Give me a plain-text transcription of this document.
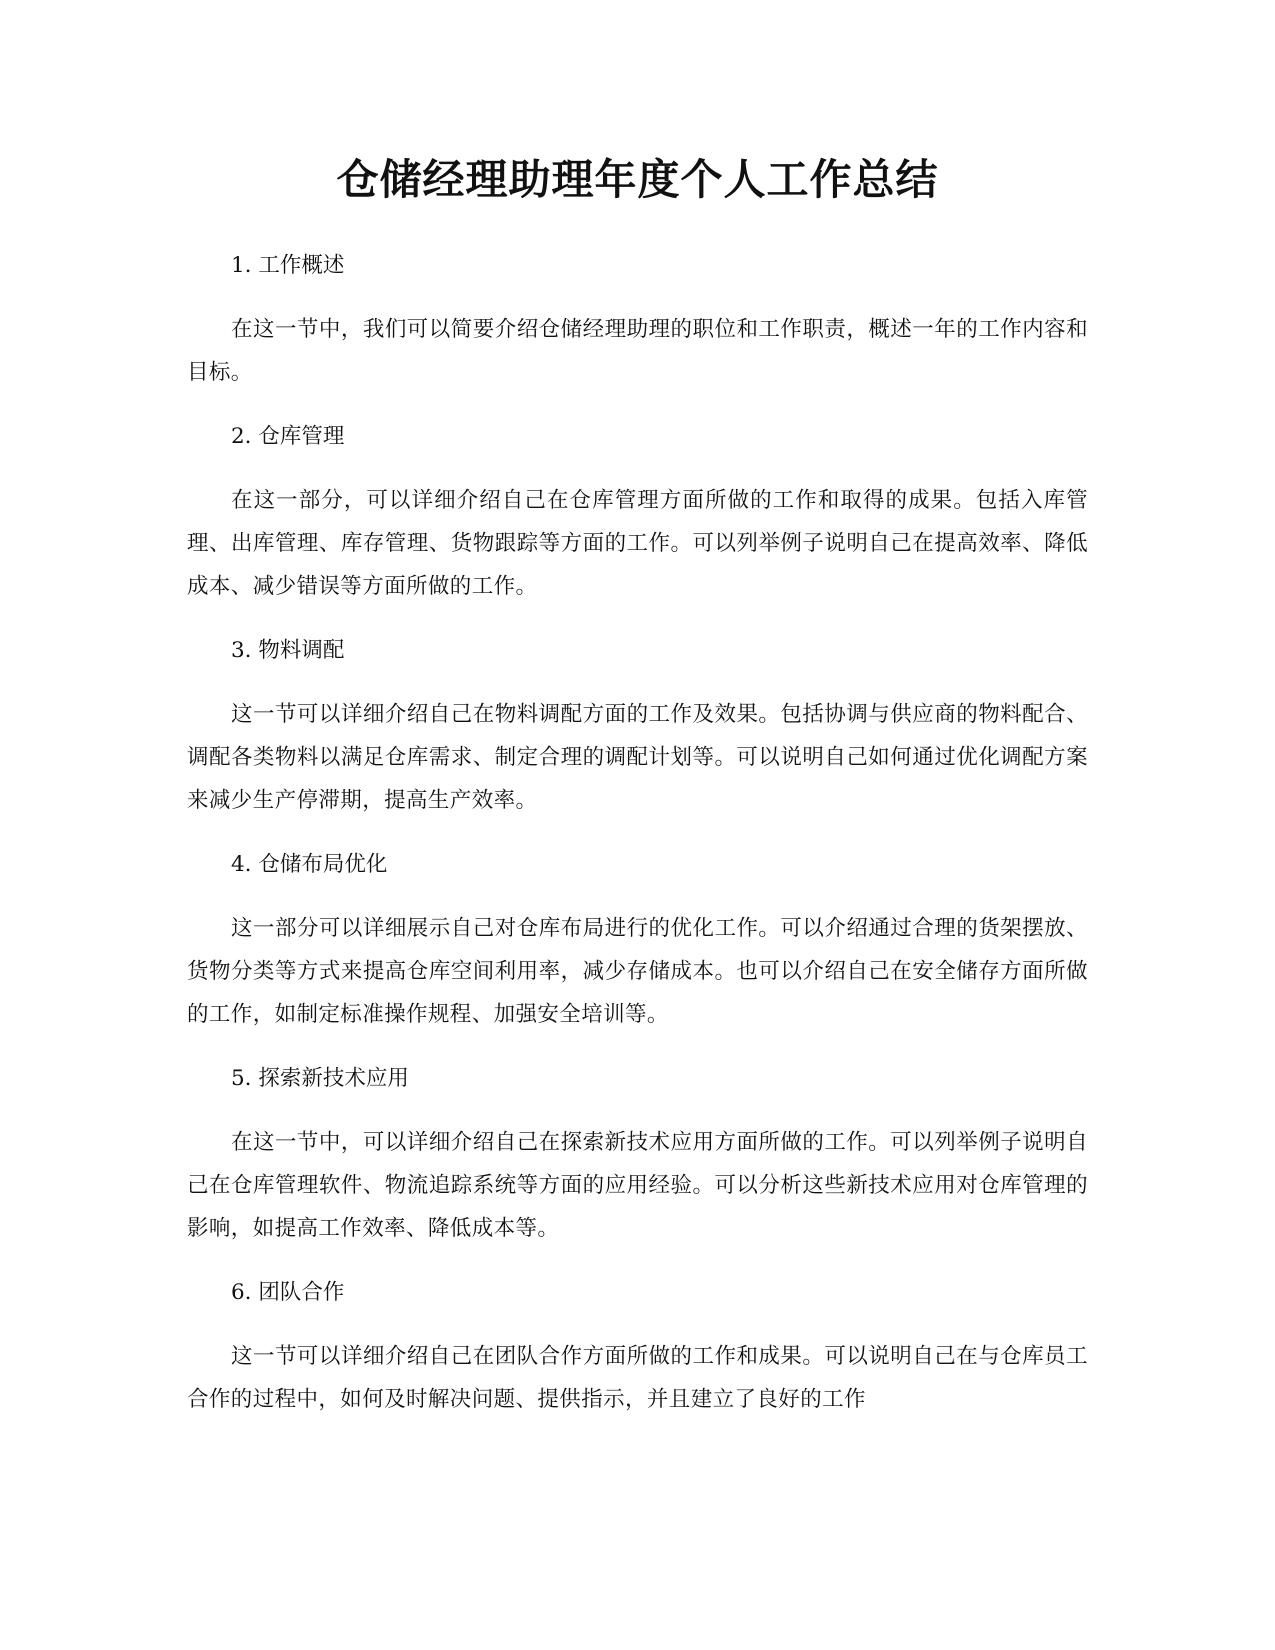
仓储经理助理年度个人工作总结
1. 工作概述

在这一节中，我们可以简要介绍仓储经理助理的职位和工作职责，概述一年的工作内容和目标。

2. 仓库管理

在这一部分，可以详细介绍自己在仓库管理方面所做的工作和取得的成果。包括入库管理、出库管理、库存管理、货物跟踪等方面的工作。可以列举例子说明自己在提高效率、降低成本、减少错误等方面所做的工作。

3. 物料调配

这一节可以详细介绍自己在物料调配方面的工作及效果。包括协调与供应商的物料配合、调配各类物料以满足仓库需求、制定合理的调配计划等。可以说明自己如何通过优化调配方案来减少生产停滞期，提高生产效率。

4. 仓储布局优化

这一部分可以详细展示自己对仓库布局进行的优化工作。可以介绍通过合理的货架摆放、货物分类等方式来提高仓库空间利用率，减少存储成本。也可以介绍自己在安全储存方面所做的工作，如制定标准操作规程、加强安全培训等。

5. 探索新技术应用

在这一节中，可以详细介绍自己在探索新技术应用方面所做的工作。可以列举例子说明自己在仓库管理软件、物流追踪系统等方面的应用经验。可以分析这些新技术应用对仓库管理的影响，如提高工作效率、降低成本等。

6. 团队合作

这一节可以详细介绍自己在团队合作方面所做的工作和成果。可以说明自己在与仓库员工合作的过程中，如何及时解决问题、提供指示，并且建立了良好的工作
